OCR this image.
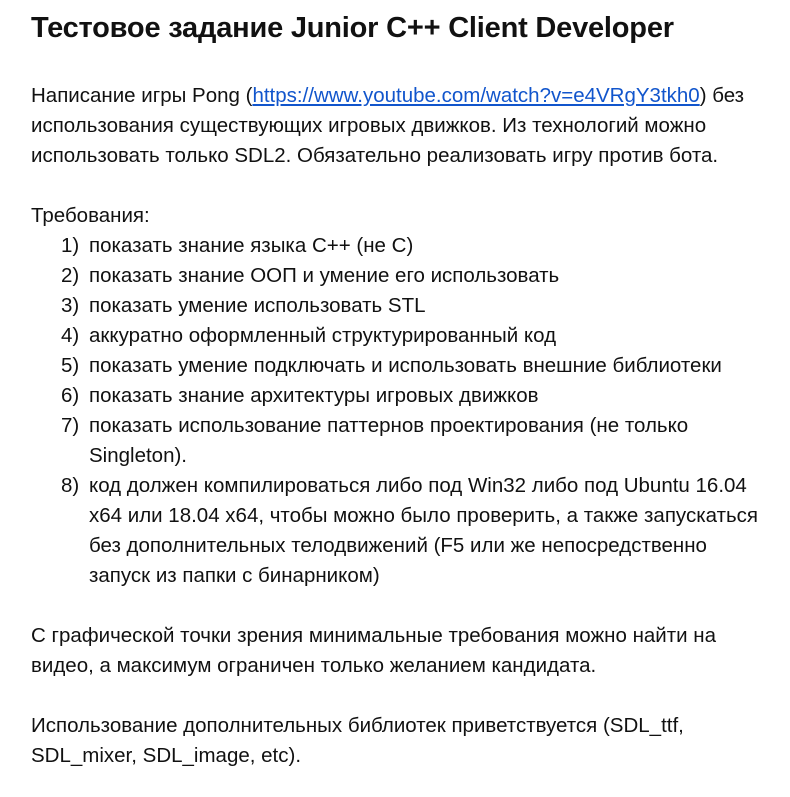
Тестовое задание Junior C++ Client Developer

Написание игры Pong (https://www.youtube.com/watch?v=e4VRgY3tkh0) без использования существующих игровых движков. Из технологий можно использовать только SDL2. Обязательно реализовать игру против бота.

Требования:

1) показать знание языка С++ (не С)
2) показать знание ООП и умение его использовать
3) показать умение использовать STL
4) аккуратно оформленный структурированный код
5) показать умение подключать и использовать внешние библиотеки
6) показать знание архитектуры игровых движков
7) показать использование паттернов проектирования (не только Singleton).
8) код должен компилироваться либо под Win32 либо под Ubuntu 16.04 x64 или 18.04 x64, чтобы можно было проверить, а также запускаться без дополнительных телодвижений (F5 или же непосредственно запуск из папки с бинарником)

С графической точки зрения минимальные требования можно найти на видео, а максимум ограничен только желанием кандидата.

Использование дополнительных библиотек приветствуется (SDL_ttf, SDL_mixer, SDL_image, etc).
